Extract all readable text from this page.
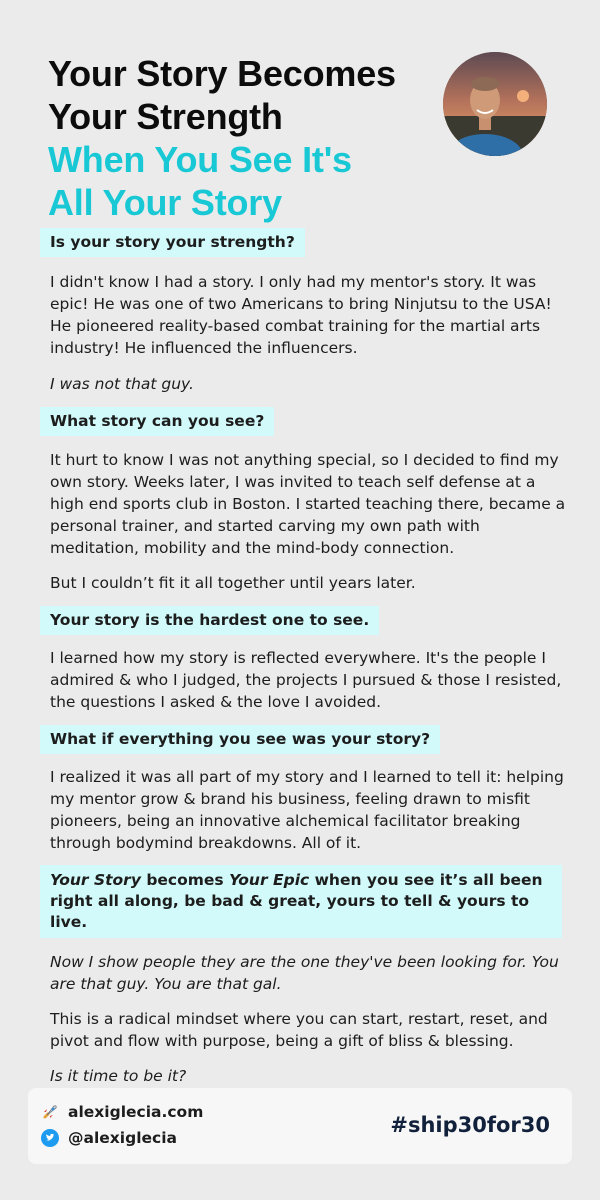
Your Story Becomes
Your Strength
When You See It's
All Your Story
Is your story your strength?

I didn't know I had a story. I only had my mentor's story. It was epic! He was one of two Americans to bring Ninjutsu to the USA! He pioneered reality-based combat training for the martial arts industry! He influenced the influencers.

I was not that guy.

What story can you see?

It hurt to know I was not anything special, so I decided to find my own story. Weeks later, I was invited to teach self defense at a high end sports club in Boston. I started teaching there, became a personal trainer, and started carving my own path with meditation, mobility and the mind-body connection.

But I couldn’t fit it all together until years later.

Your story is the hardest one to see.

I learned how my story is reflected everywhere. It's the people I admired & who I judged, the projects I pursued & those I resisted, the questions I asked & the love I avoided.

What if everything you see was your story?

I realized it was all part of my story and I learned to tell it: helping my mentor grow & brand his business, feeling drawn to misfit pioneers, being an innovative alchemical facilitator breaking through bodymind breakdowns. All of it.

Your Story becomes Your Epic when you see it’s all been right all along, be bad & great, yours to tell & yours to live.

Now I show people they are the one they've been looking for. You are that guy. You are that gal.

This is a radical mindset where you can start, restart, reset, and pivot and flow with purpose, being a gift of bliss & blessing.

Is it time to be it?

alexiglecia.com
@alexiglecia
#ship30for30
